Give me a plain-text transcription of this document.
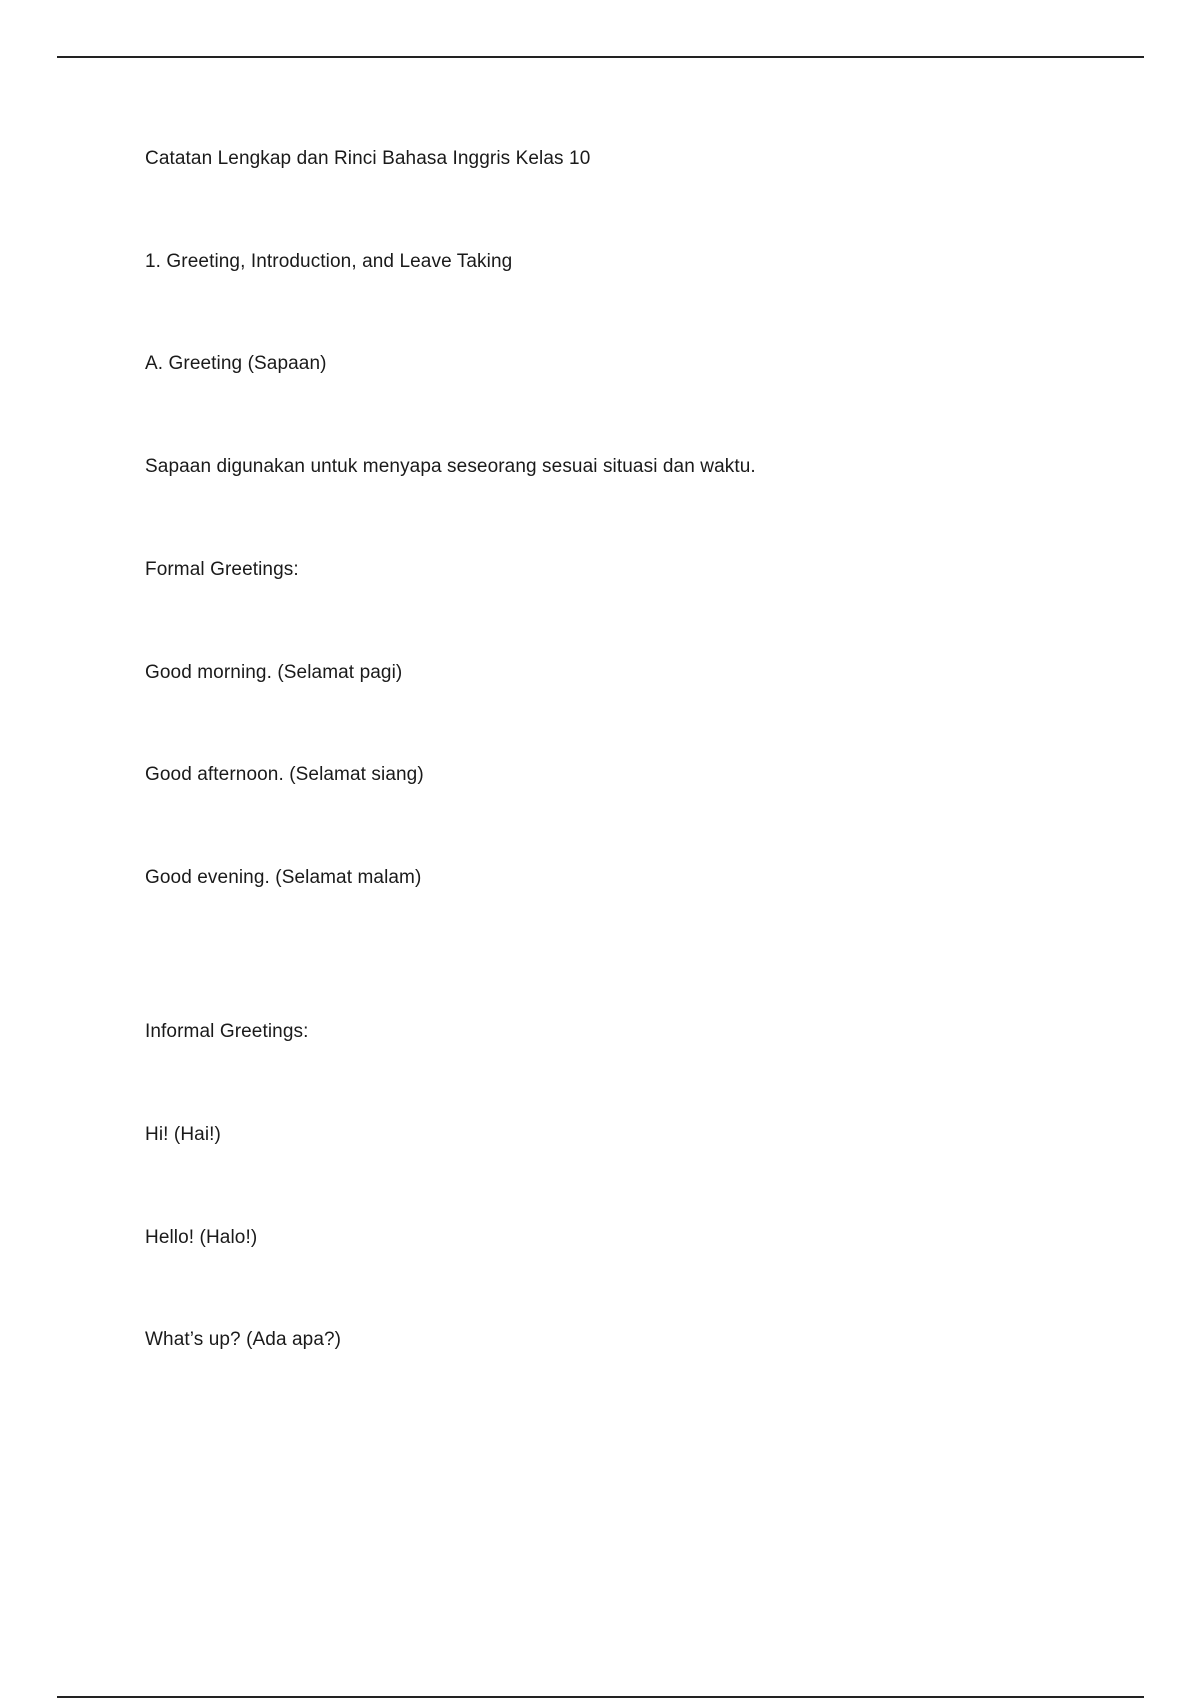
Catatan Lengkap dan Rinci Bahasa Inggris Kelas 10
1. Greeting, Introduction, and Leave Taking
A. Greeting (Sapaan)
Sapaan digunakan untuk menyapa seseorang sesuai situasi dan waktu.
Formal Greetings:
Good morning. (Selamat pagi)
Good afternoon. (Selamat siang)
Good evening. (Selamat malam)
Informal Greetings:
Hi! (Hai!)
Hello! (Halo!)
What’s up? (Ada apa?)
